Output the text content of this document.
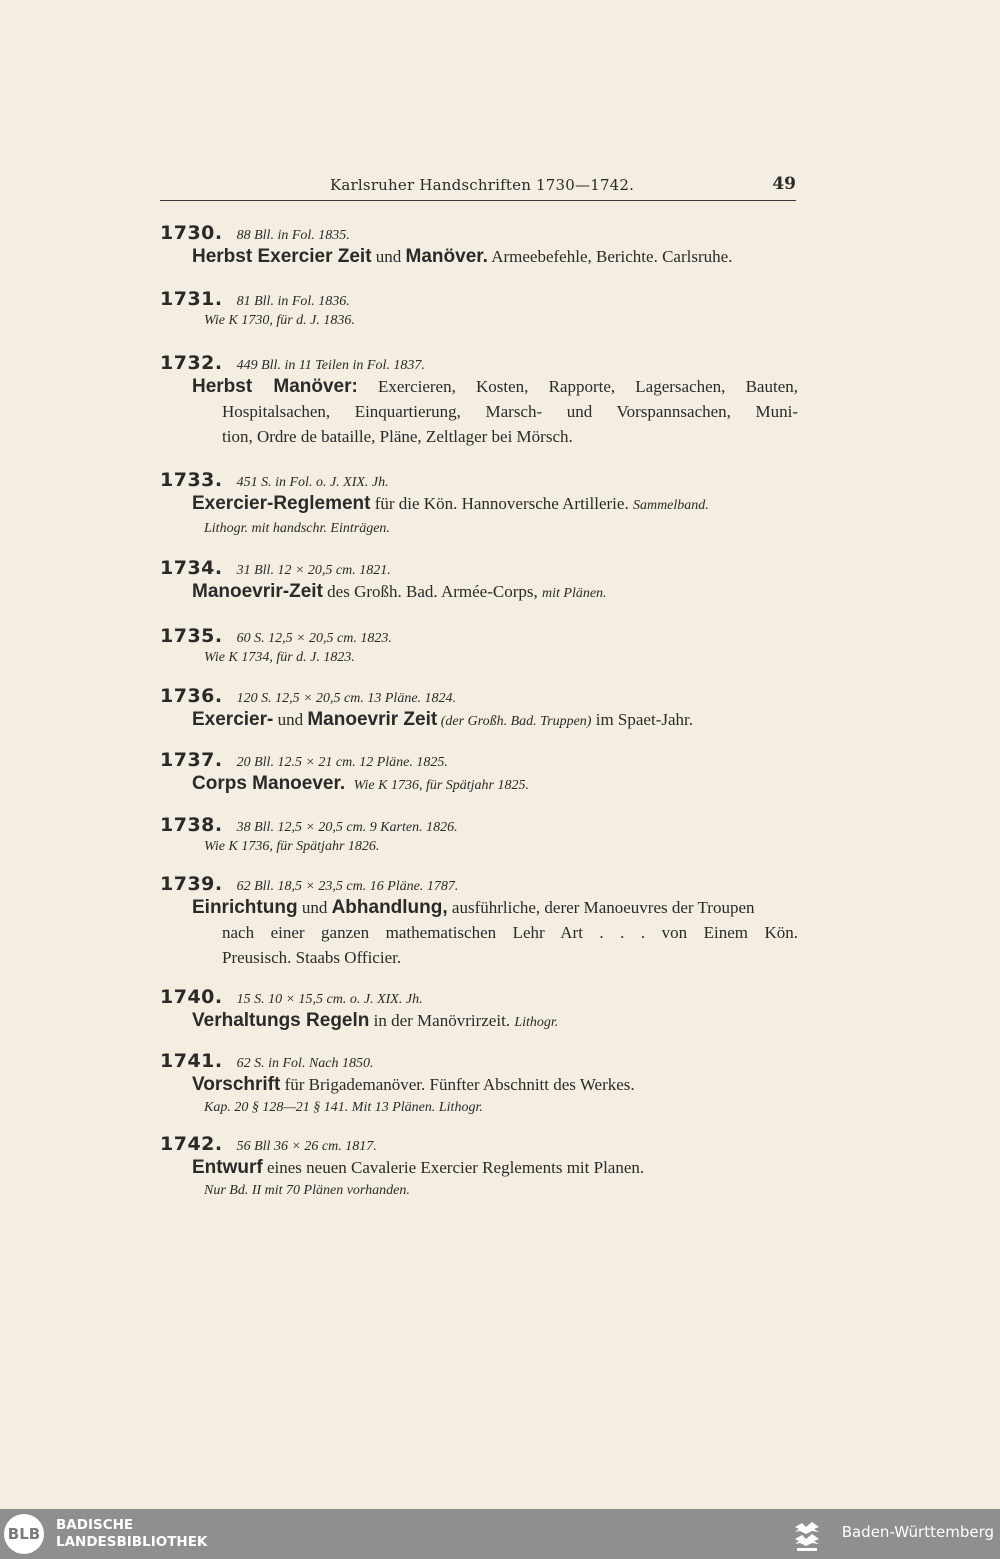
Karlsruher Handschriften 1730—1742.	49
1730. 88 Bll. in Fol. 1835.
Herbst Exercier Zeit und Manöver. Armeebefehle, Berichte. Carlsruhe.
1731. 81 Bll. in Fol. 1836.
Wie K 1730, für d. J. 1836.
1732. 449 Bll. in 11 Teilen in Fol. 1837.
Herbst Manöver: Exercieren, Kosten, Rapporte, Lagersachen, Bauten,
Hospitalsachen, Einquartierung, Marsch- und Vorspannsachen, Muni-
tion, Ordre de bataille, Pläne, Zeltlager bei Mörsch.
1733. 451 S. in Fol. o. J. XIX. Jh.
Exercier-Reglement für die Kön. Hannoversche Artillerie. Sammelband.
Lithogr. mit handschr. Einträgen.
1734. 31 Bll. 12 × 20,5 cm. 1821.
Manoevrir-Zeit des Großh. Bad. Armée-Corps, mit Plänen.
1735. 60 S. 12,5 × 20,5 cm. 1823.
Wie K 1734, für d. J. 1823.
1736. 120 S. 12,5 × 20,5 cm. 13 Pläne. 1824.
Exercier- und Manoevrir Zeit (der Großh. Bad. Truppen) im Spaet-Jahr.
1737. 20 Bll. 12.5 × 21 cm. 12 Pläne. 1825.
Corps Manoever. Wie K 1736, für Spätjahr 1825.
1738. 38 Bll. 12,5 × 20,5 cm. 9 Karten. 1826.
Wie K 1736, für Spätjahr 1826.
1739. 62 Bll. 18,5 × 23,5 cm. 16 Pläne. 1787.
Einrichtung und Abhandlung, ausführliche, derer Manoeuvres der Troupen
nach einer ganzen mathematischen Lehr Art . . . von Einem Kön.
Preusisch. Staabs Officier.
1740. 15 S. 10 × 15,5 cm. o. J. XIX. Jh.
Verhaltungs Regeln in der Manövrirzeit. Lithogr.
1741. 62 S. in Fol. Nach 1850.
Vorschrift für Brigademanöver. Fünfter Abschnitt des Werkes.
Kap. 20 § 128—21 § 141. Mit 13 Plänen. Lithogr.
1742. 56 Bll 36 × 26 cm. 1817.
Entwurf eines neuen Cavalerie Exercier Reglements mit Planen.
Nur Bd. II mit 70 Plänen vorhanden.
BLB BADISCHE
LANDESBIBLIOTHEK
Baden-Württemberg
